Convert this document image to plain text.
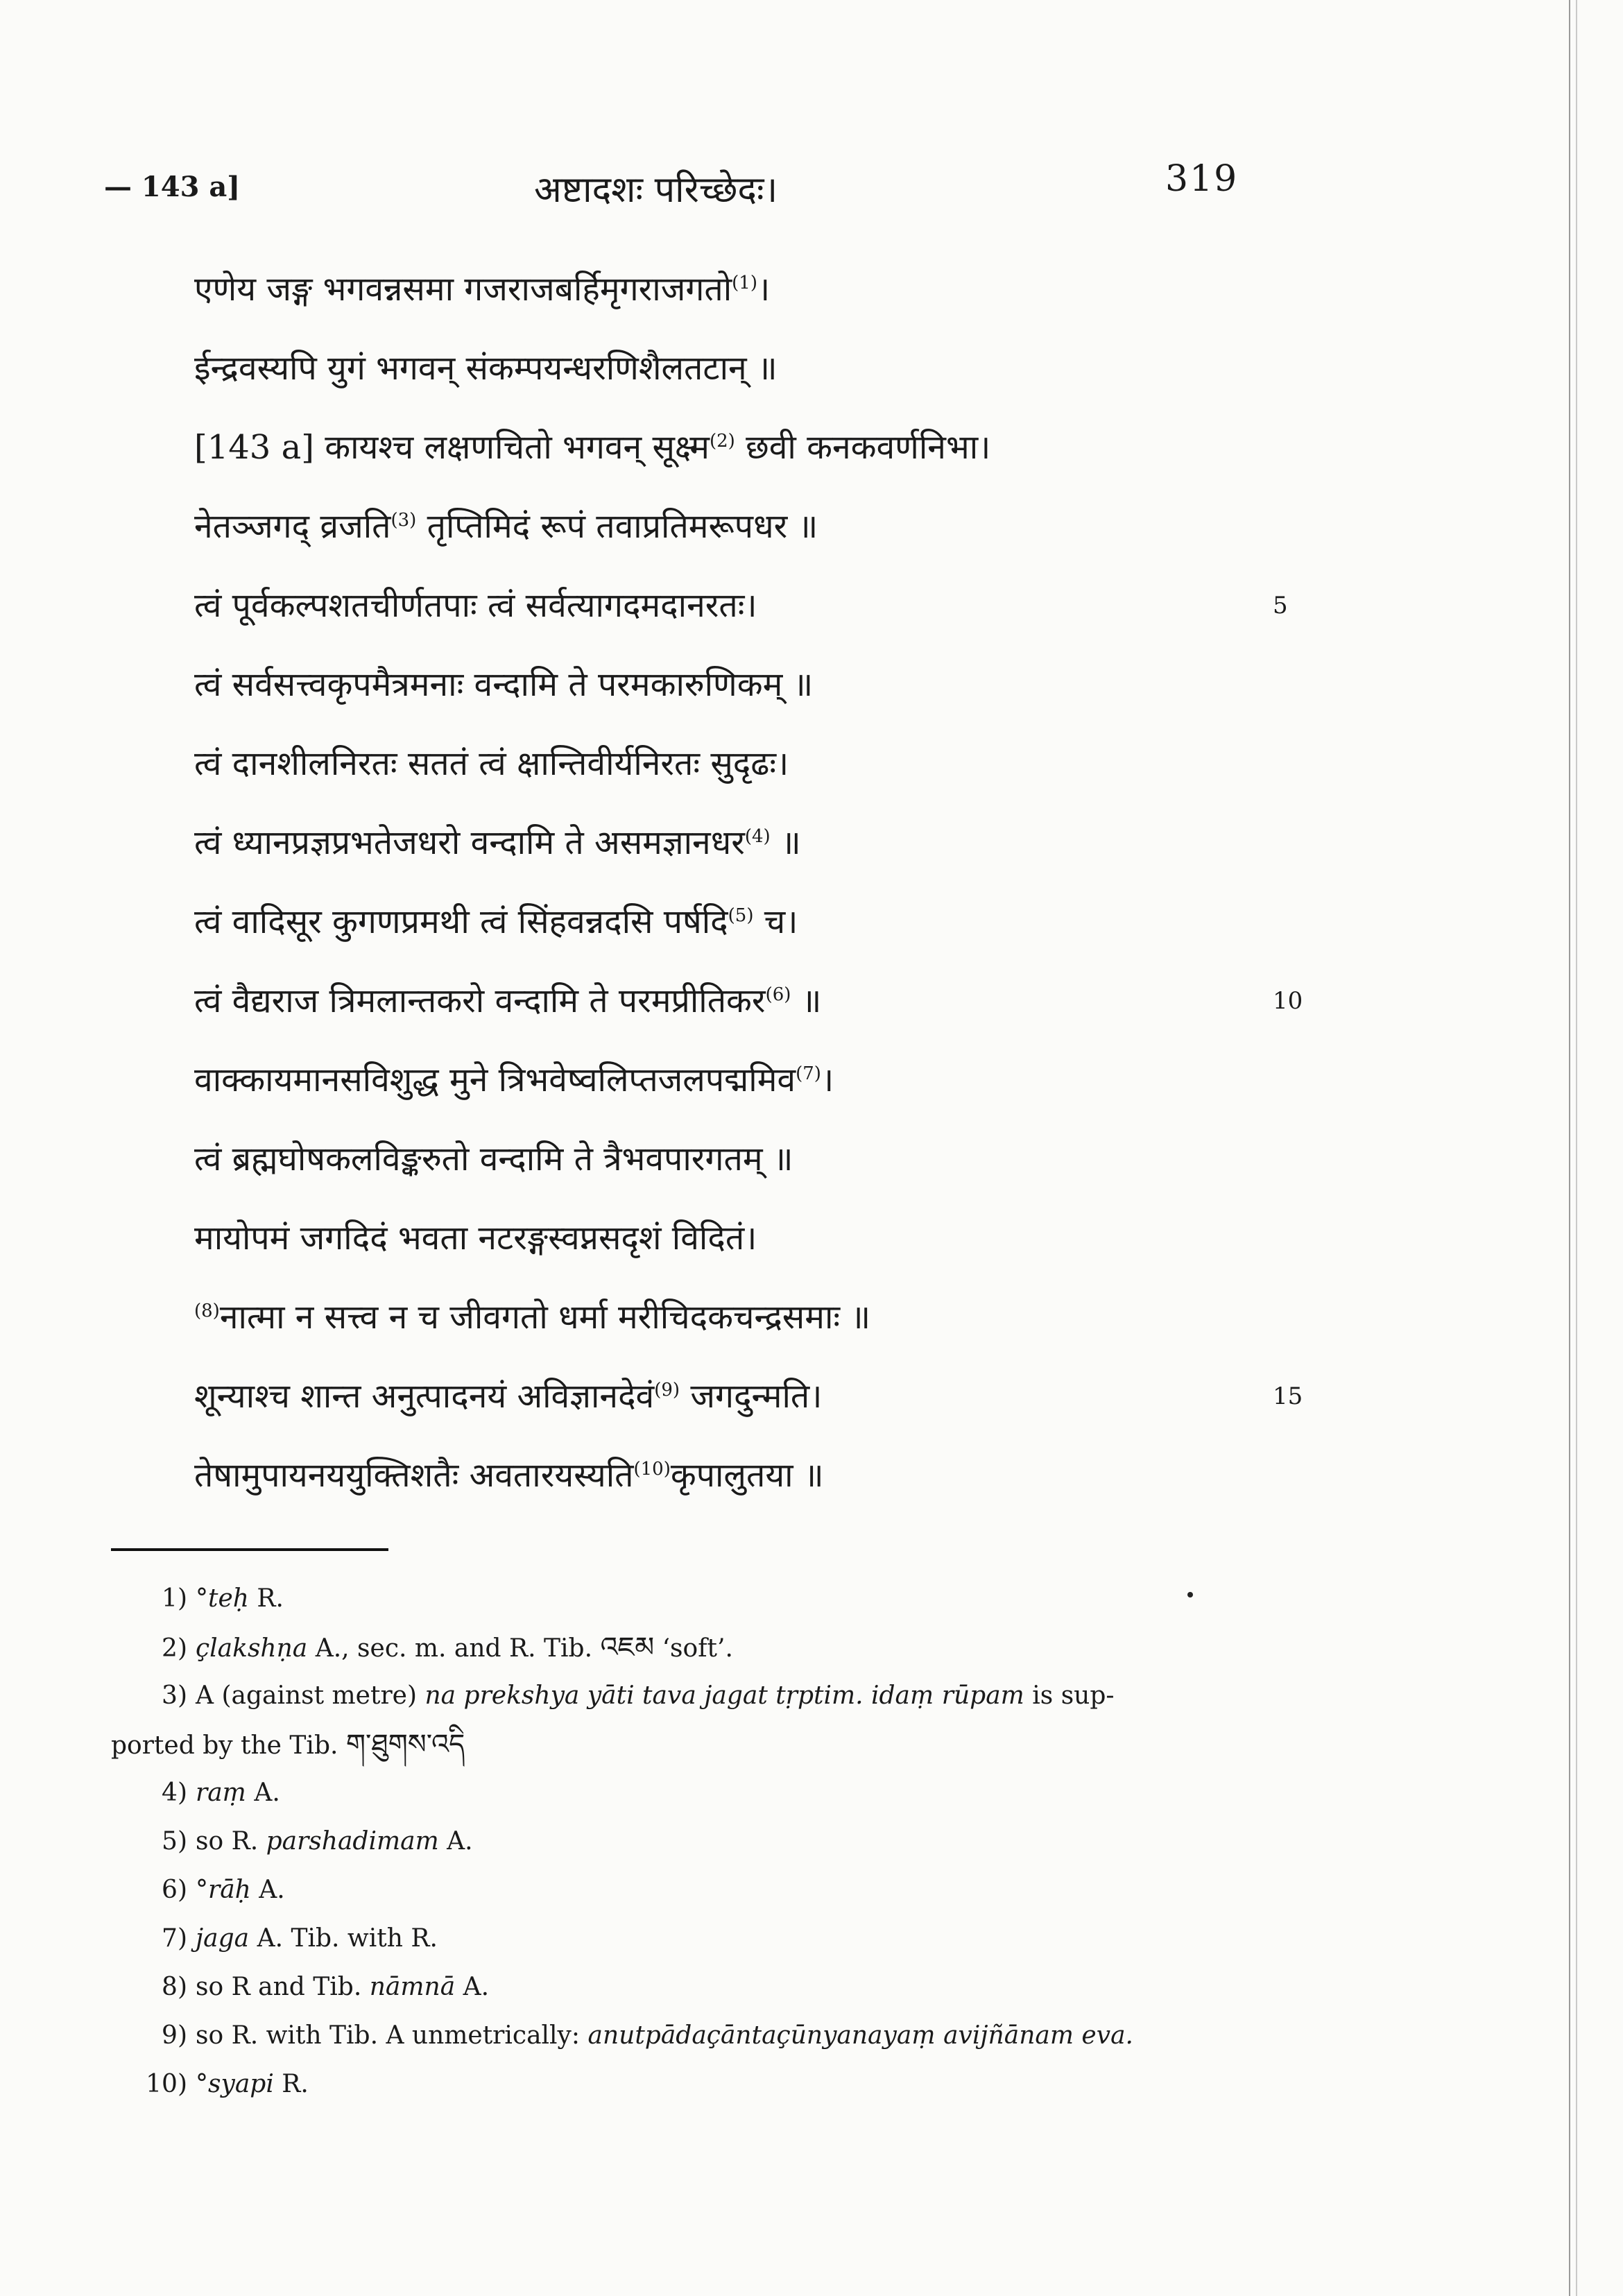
— 143 a]	अष्टादशः परिच्छेदः।	319
एणेय जङ्ग भगवन्नसमा गजराजबर्हिमृगराजगतो$^{(1)}$।
ईन्द्रवस्यपि युगं भगवन् संकम्पयन्धरणिशैलतटान् ॥
[143 a] कायश्च लक्षणचितो भगवन् सूक्ष्म$^{(2)}$ छवी कनकवर्णनिभा।
नेतञ्जगद् व्रजति$^{(3)}$ तृप्तिमिदं रूपं तवाप्रतिमरूपधर ॥
त्वं पूर्वकल्पशतचीर्णतपाः त्वं सर्वत्यागदमदानरतः।	5
त्वं सर्वसत्त्वकृपमैत्रमनाः वन्दामि ते परमकारुणिकम् ॥
त्वं दानशीलनिरतः सततं त्वं क्षान्तिवीर्यनिरतः सुदृढः।
त्वं ध्यानप्रज्ञप्रभतेजधरो वन्दामि ते असमज्ञानधर$^{(4)}$ ॥
त्वं वादिसूर कुगणप्रमथी त्वं सिंहवन्नदसि पर्षदि$^{(5)}$ च।
त्वं वैद्यराज त्रिमलान्तकरो वन्दामि ते परमप्रीतिकर$^{(6)}$ ॥	10
वाक्कायमानसविशुद्ध मुने त्रिभवेष्वलिप्तजलपद्ममिव$^{(7)}$।
त्वं ब्रह्मघोषकलविङ्करुतो वन्दामि ते त्रैभवपारगतम् ॥
मायोपमं जगदिदं भवता नटरङ्गस्वप्नसदृशं विदितं।
$^{(8)}$नात्मा न सत्त्व न च जीवगतो धर्मा मरीचिदकचन्द्रसमाः ॥
शून्याश्च शान्त अनुत्पादनयं अविज्ञानदेवं$^{(9)}$ जगदुन्मति।	15
तेषामुपायनययुक्तिशतैः अवतारयस्यति$^{(10)}$कृपालुतया ॥
1) °teḥ R.
2) çlakshṇa A., sec. m. and R. Tib. འཇམ ‘soft’.
3) A (against metre) na prekshya yāti tava jagat tṛptim. idaṃ rūpam is sup-
ported by the Tib. ག་ཐུགས་འདི
4) raṃ A.
5) so R. parshadimam A.
6) °rāḥ A.
7) jaga A. Tib. with R.
8) so R and Tib. nāmnā A.
9) so R. with Tib. A unmetrically: anutpādaçāntaçūnyanayaṃ avijñānam eva.
10) °syapi R.
